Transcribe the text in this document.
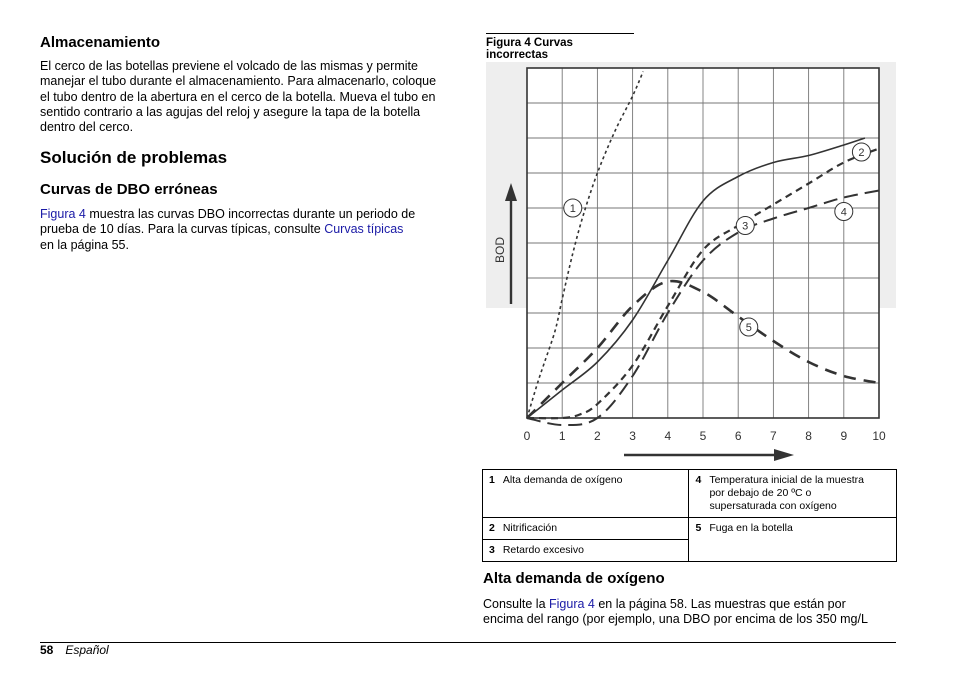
Almacenamiento
El cerco de las botellas previene el volcado de las mismas y permite
manejar el tubo durante el almacenamiento. Para almacenarlo, coloque
el tubo dentro de la abertura en el cerco de la botella. Mueva el tubo en
sentido contrario a las agujas del reloj y asegure la tapa de la botella
dentro del cerco.
Solución de problemas
Curvas de DBO erróneas
Figura 4 muestra las curvas DBO incorrectas durante un periodo de
prueba de 10 días. Para la curvas típicas, consulte Curvas típicas
en la página 55.
Figura 4 Curvas incorrectas
1
2
3
4
5
0 1 2 3 4 5 6 7 8 9 10
BOD
1 Alta demanda de oxígeno	4 Temperatura inicial de la muestra
por debajo de 20 ºC o
supersaturada con oxígeno
2 Nitrificación	5 Fuga en la botella
3 Retardo excesivo	
Alta demanda de oxígeno
Consulte la Figura 4 en la página 58. Las muestras que están por
encima del rango (por ejemplo, una DBO por encima de los 350 mg/L
58 Español
